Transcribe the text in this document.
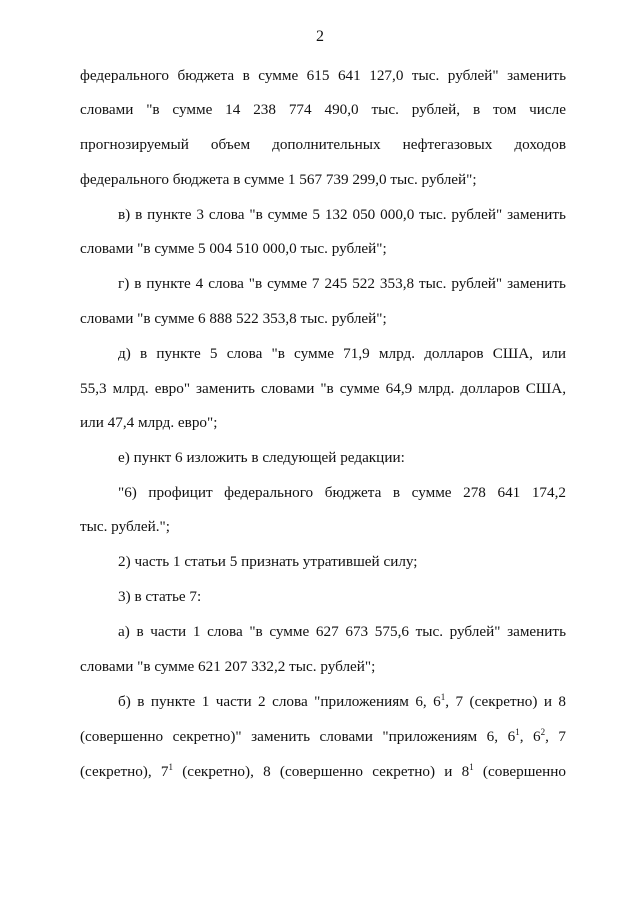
2
федерального бюджета в сумме 615 641 127,0 тыс. рублей" заменить
словами "в сумме 14 238 774 490,0 тыс. рублей, в том числе
прогнозируемый объем дополнительных нефтегазовых доходов
федерального бюджета в сумме 1 567 739 299,0 тыс. рублей";
в) в пункте 3 слова "в сумме 5 132 050 000,0 тыс. рублей" заменить
словами "в сумме 5 004 510 000,0 тыс. рублей";
г) в пункте 4 слова "в сумме 7 245 522 353,8 тыс. рублей" заменить
словами "в сумме 6 888 522 353,8 тыс. рублей";
д) в пункте 5 слова "в сумме 71,9 млрд. долларов США, или
55,3 млрд. евро" заменить словами "в сумме 64,9 млрд. долларов США,
или 47,4 млрд. евро";
е) пункт 6 изложить в следующей редакции:
"6) профицит федерального бюджета в сумме 278 641 174,2
тыс. рублей.";
2) часть 1 статьи 5 признать утратившей силу;
3) в статье 7:
а) в части 1 слова "в сумме 627 673 575,6 тыс. рублей" заменить
словами "в сумме 621 207 332,2 тыс. рублей";
б) в пункте 1 части 2 слова "приложениям 6, $6^1$, 7 (секретно) и 8
(совершенно секретно)" заменить словами "приложениям 6, $6^1$, $6^2$, 7
(секретно), $7^1$ (секретно), 8 (совершенно секретно) и $8^1$ (совершенно
